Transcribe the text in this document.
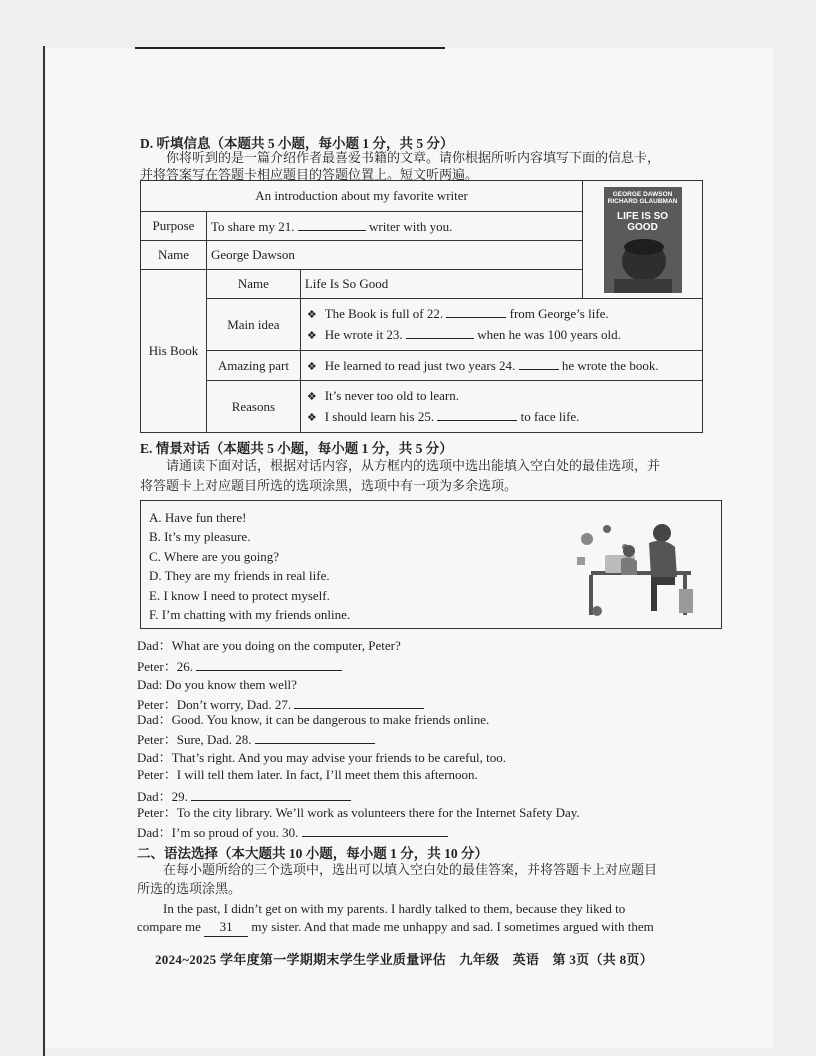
D. 听填信息（本题共 5 小题，每小题 1 分，共 5 分）
你将听到的是一篇介绍作者最喜爱书籍的文章。请你根据所听内容填写下面的信息卡，
并将答案写在答题卡相应题目的答题位置上。短文听两遍。
An introduction about my favorite writer			GEORGE DAWSON
RICHARD GLAUBMAN
LIFE IS SO GOOD

Purpose	To share my 21. writer with you.		
Name	George Dawson		
His Book	Name	Life Is So Good	
	Main idea	❖ The Book is full of 22. from George’s life.
❖ He wrote it 23. when he was 100 years old.	

	Amazing part	❖ He learned to read just two years 24. he wrote the book.	
	Reasons	❖ It’s never too old to learn.
❖ I should learn his 25. to face life.	
E. 情景对话（本题共 5 小题，每小题 1 分，共 5 分）
请通读下面对话，根据对话内容，从方框内的选项中选出能填入空白处的最佳选项，并
将答题卡上对应题目所选的选项涂黑，选项中有一项为多余选项。
A. Have fun there!
B. It’s my pleasure.
C. Where are you going?
D. They are my friends in real life.
E. I know I need to protect myself.
F. I’m chatting with my friends online.
Dad：What are you doing on the computer, Peter?
Peter：26.
Dad: Do you know them well?
Peter：Don’t worry, Dad. 27.
Dad：Good. You know, it can be dangerous to make friends online.
Peter：Sure, Dad. 28.
Dad：That’s right. And you may advise your friends to be careful, too.
Peter：I will tell them later. In fact, I’ll meet them this afternoon.
Dad：29.
Peter：To the city library. We’ll work as volunteers there for the Internet Safety Day.
Dad：I’m so proud of you. 30.
二、语法选择（本大题共 10 小题，每小题 1 分，共 10 分）
在每小题所给的三个选项中，选出可以填入空白处的最佳答案，并将答题卡上对应题目
所选的选项涂黑。
In the past, I didn’t get on with my parents. I hardly talked to them, because they liked to
compare me 31 my sister. And that made me unhappy and sad. I sometimes argued with them
2024~2025 学年度第一学期期末学生学业质量评估　九年级　英语　第 3页（共 8页）
